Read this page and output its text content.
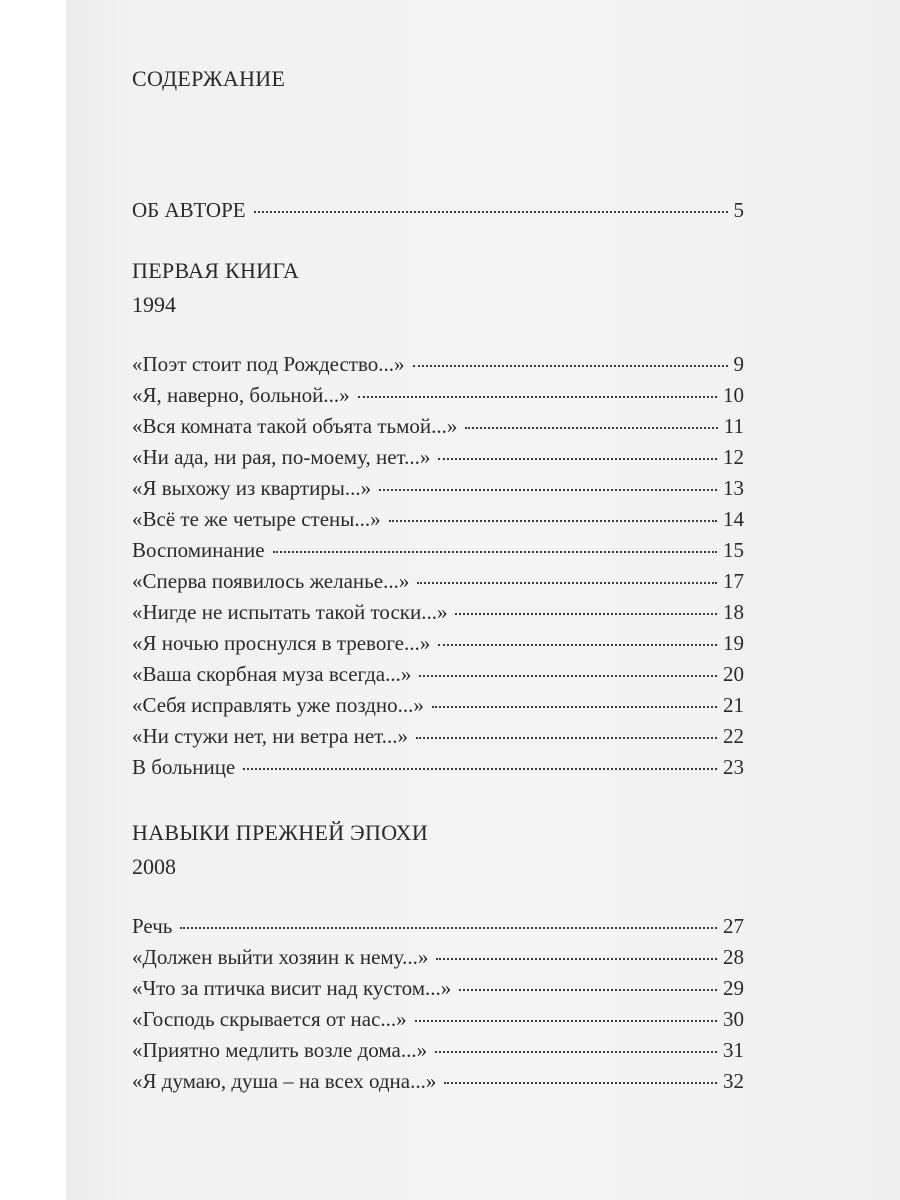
СОДЕРЖАНИЕ
ОБ АВТОРЕ	5
ПЕРВАЯ КНИГА
1994
«Поэт стоит под Рождество...»	9
«Я, наверно, больной...»	10
«Вся комната такой объята тьмой...»	11
«Ни ада, ни рая, по-моему, нет...»	12
«Я выхожу из квартиры...»	13
«Всё те же четыре стены...»	14
Воспоминание	15
«Сперва появилось желанье...»	17
«Нигде не испытать такой тоски...»	18
«Я ночью проснулся в тревоге...»	19
«Ваша скорбная муза всегда...»	20
«Себя исправлять уже поздно...»	21
«Ни стужи нет, ни ветра нет...»	22
В больнице	23
НАВЫКИ ПРЕЖНЕЙ ЭПОХИ
2008
Речь	27
«Должен выйти хозяин к нему...»	28
«Что за птичка висит над кустом...»	29
«Господь скрывается от нас...»	30
«Приятно медлить возле дома...»	31
«Я думаю, душа – на всех одна...»	32
